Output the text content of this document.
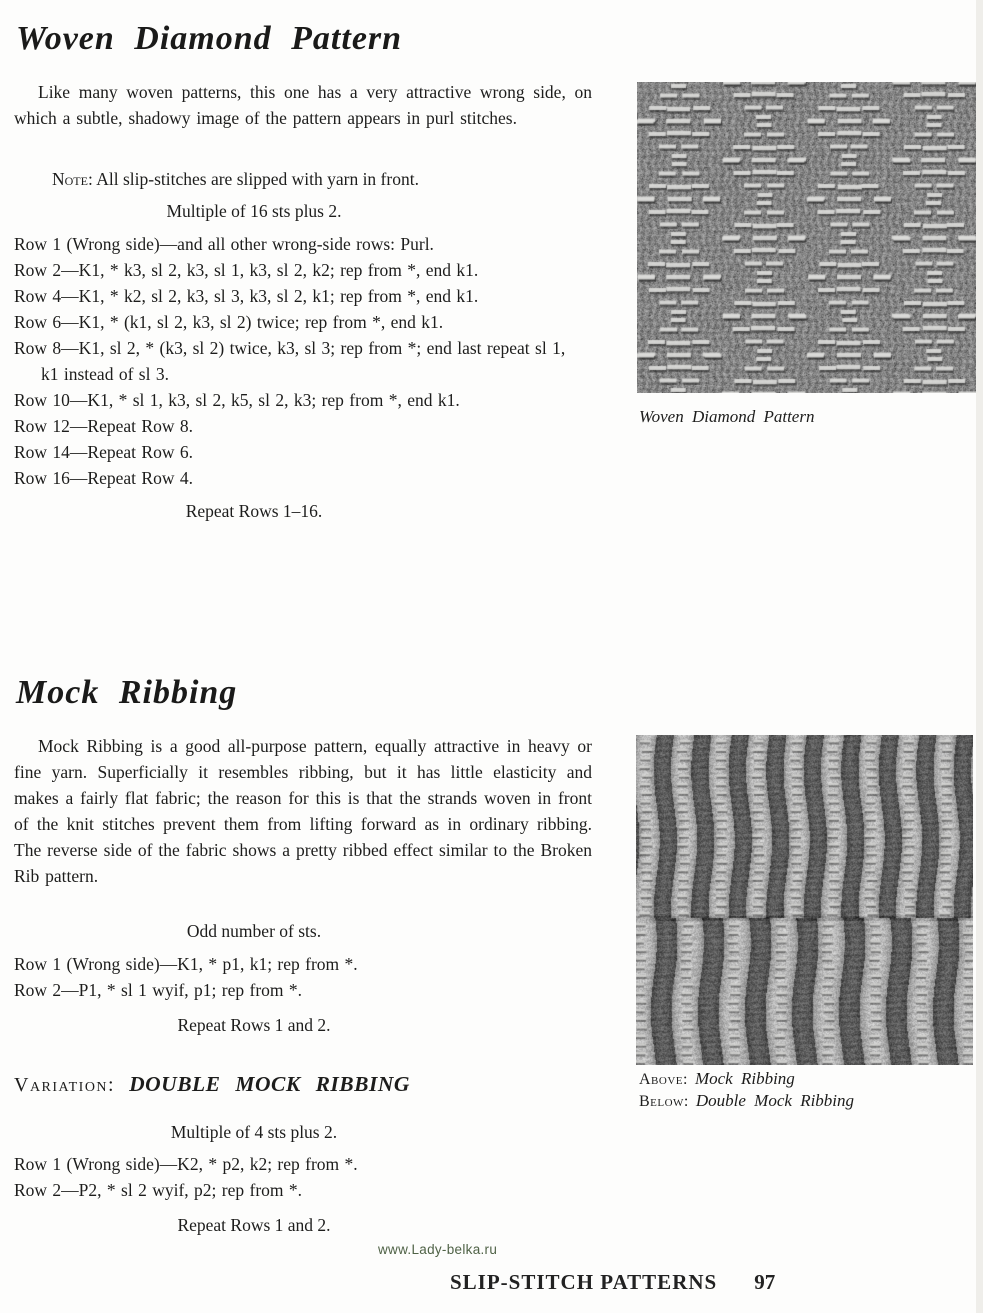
Woven Diamond Pattern

Like many woven patterns, this one has a very attractive wrong side, on which a subtle, shadowy image of the pattern appears in purl stitches.

Note: All slip-stitches are slipped with yarn in front.

Multiple of 16 sts plus 2.

Row 1 (Wrong side)—and all other wrong-side rows: Purl.

Row 2—K1, * k3, sl 2, k3, sl 1, k3, sl 2, k2; rep from *, end k1.

Row 4—K1, * k2, sl 2, k3, sl 3, k3, sl 2, k1; rep from *, end k1.

Row 6—K1, * (k1, sl 2, k3, sl 2) twice; rep from *, end k1.

Row 8—K1, sl 2, * (k3, sl 2) twice, k3, sl 3; rep from *; end last repeat sl 1, k1 instead of sl 3.

Row 10—K1, * sl 1, k3, sl 2, k5, sl 2, k3; rep from *, end k1.

Row 12—Repeat Row 8.

Row 14—Repeat Row 6.

Row 16—Repeat Row 4.

Repeat Rows 1–16.

Woven Diamond Pattern

Mock Ribbing

Mock Ribbing is a good all-purpose pattern, equally attractive in heavy or fine yarn. Superficially it resembles ribbing, but it has little elasticity and makes a fairly flat fabric; the reason for this is that the strands woven in front of the knit stitches prevent them from lifting forward as in ordinary ribbing. The reverse side of the fabric shows a pretty ribbed effect similar to the Broken Rib pattern.

Odd number of sts.

Row 1 (Wrong side)—K1, * p1, k1; rep from *.

Row 2—P1, * sl 1 wyif, p1; rep from *.

Repeat Rows 1 and 2.

Variation: DOUBLE MOCK RIBBING

Multiple of 4 sts plus 2.

Row 1 (Wrong side)—K2, * p2, k2; rep from *.

Row 2—P2, * sl 2 wyif, p2; rep from *.

Repeat Rows 1 and 2.

Above: Mock Ribbing

Below: Double Mock Ribbing

www.Lady-belka.ru

SLIP-STITCH PATTERNS 97
